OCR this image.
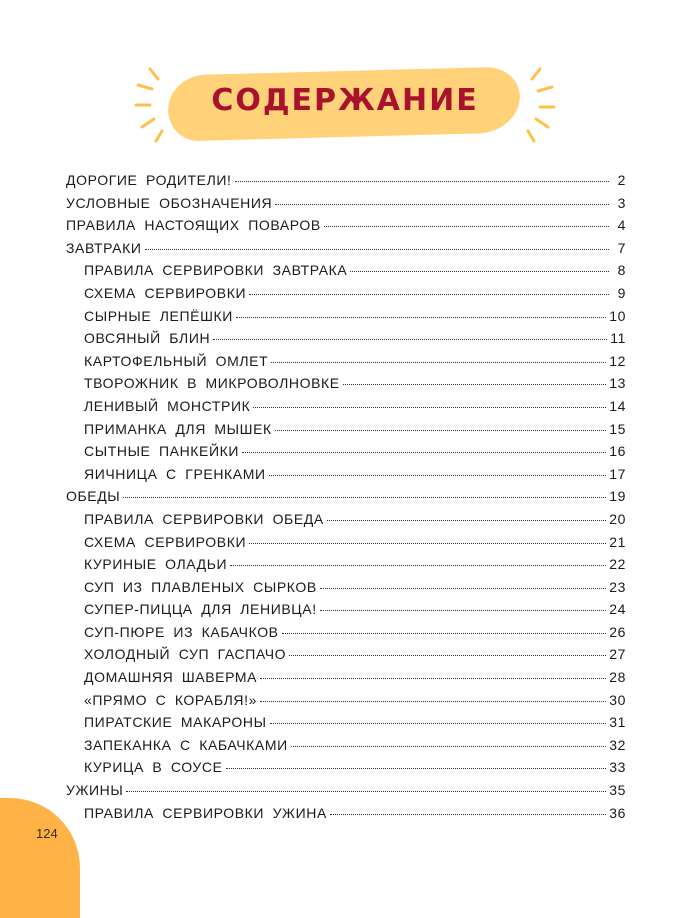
СОДЕРЖАНИЕ
ДОРОГИЕ РОДИТЕЛИ!	2
УСЛОВНЫЕ ОБОЗНАЧЕНИЯ	3
ПРАВИЛА НАСТОЯЩИХ ПОВАРОВ	4
ЗАВТРАКИ	7
ПРАВИЛА СЕРВИРОВКИ ЗАВТРАКА	8
СХЕМА СЕРВИРОВКИ	9
СЫРНЫЕ ЛЕПЁШКИ	10
ОВСЯНЫЙ БЛИН	11
КАРТОФЕЛЬНЫЙ ОМЛЕТ	12
ТВОРОЖНИК В МИКРОВОЛНОВКЕ	13
ЛЕНИВЫЙ МОНСТРИК	14
ПРИМАНКА ДЛЯ МЫШЕК	15
СЫТНЫЕ ПАНКЕЙКИ	16
ЯИЧНИЦА С ГРЕНКАМИ	17
ОБЕДЫ	19
ПРАВИЛА СЕРВИРОВКИ ОБЕДА	20
СХЕМА СЕРВИРОВКИ	21
КУРИНЫЕ ОЛАДЬИ	22
СУП ИЗ ПЛАВЛЕНЫХ СЫРКОВ	23
СУПЕР-ПИЦЦА ДЛЯ ЛЕНИВЦА!	24
СУП-ПЮРЕ ИЗ КАБАЧКОВ	26
ХОЛОДНЫЙ СУП ГАСПАЧО	27
ДОМАШНЯЯ ШАВЕРМА	28
«ПРЯМО С КОРАБЛЯ!»	30
ПИРАТСКИЕ МАКАРОНЫ	31
ЗАПЕКАНКА С КАБАЧКАМИ	32
КУРИЦА В СОУСЕ	33
УЖИНЫ	35
ПРАВИЛА СЕРВИРОВКИ УЖИНА	36
124
